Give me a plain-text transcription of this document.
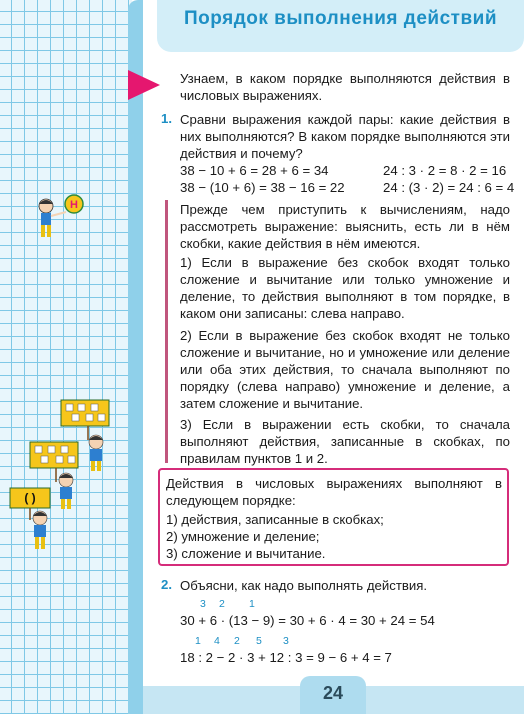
Порядок выполнения действий
Узнаем, в каком порядке выполняются действия в числовых выражениях.
1. Сравни выражения каждой пары: какие действия в них выполняются? В каком порядке выполняются эти действия и почему?
38 − 10 + 6 = 28 + 6 = 34
38 − (10 + 6) = 38 − 16 = 22
24 : 3 · 2 = 8 · 2 = 16
24 : (3 · 2) = 24 : 6 = 4
Прежде чем приступить к вычислениям, надо рассмотреть выражение: выяснить, есть ли в нём скобки, какие действия в нём имеются.
1) Если в выражение без скобок входят только сложение и вычитание или только умножение и деление, то действия выполняют в том порядке, в каком они записаны: слева направо.
2) Если в выражение без скобок входят не только сложение и вычитание, но и умножение или деление или оба этих действия, то сначала выполняют по порядку (слева направо) умножение и деление, а затем сложение и вычитание.
3) Если в выражении есть скобки, то сначала выполняют действия, записанные в скобках, по правилам пунктов 1 и 2.
Действия в числовых выражениях выполняют в следующем порядке:
1) действия, записанные в скобках;
2) умножение и деление;
3) сложение и вычитание.
2. Объясни, как надо выполнять действия.
3 2 1
30 + 6 · (13 − 9) = 30 + 6 · 4 = 30 + 24 = 54
1 4 2 5 3
18 : 2 − 2 · 3 + 12 : 3 = 9 − 6 + 4 = 7
Н
( )
24
